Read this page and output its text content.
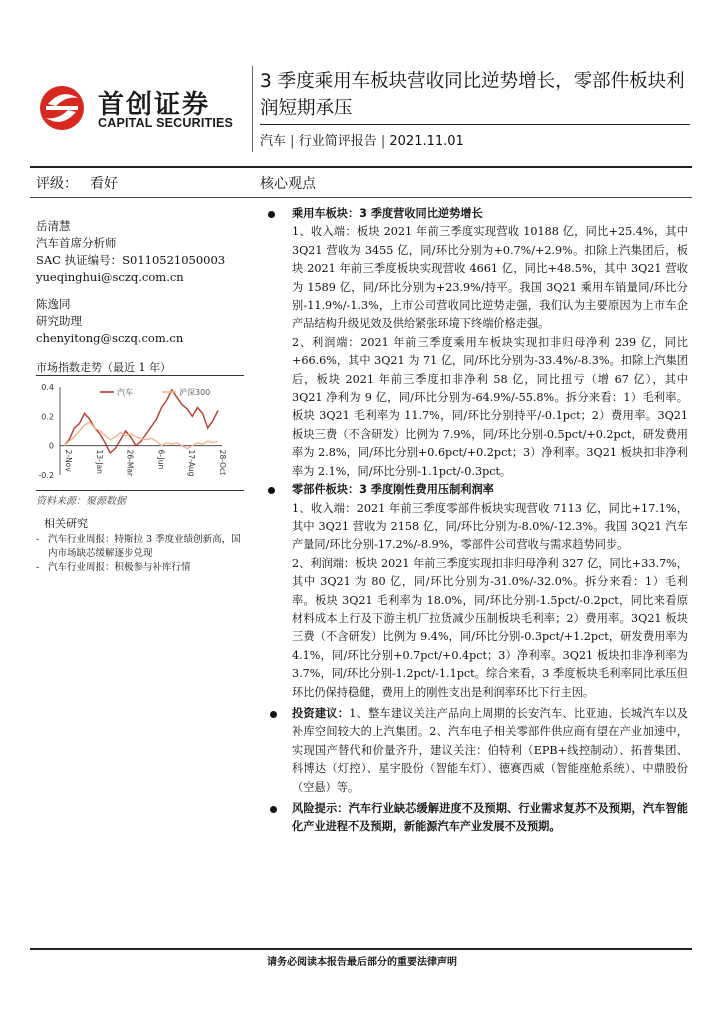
首创证券
CAPITAL SECURITIES
3 季度乘用车板块营收同比逆势增长，零部件板块利润短期承压
汽车 | 行业简评报告 | 2021.11.01
评级： 看好	核心观点
岳清慧
汽车首席分析师
SAC 执证编号：S0110521050003
yueqinghui@sczq.com.cn
陈逸同
研究助理
chenyitong@sczq.com.cn
市场指数走势（最近 1 年）
0.4
0.2
0
-0.2
汽车	沪深300
2-Nov	13-Jan	26-Mar	6-Jun	17-Aug	28-Oct
资料来源：聚源数据
相关研究
- 汽车行业周报：特斯拉 3 季度业绩创新高，国内市场缺芯缓解逐步兑现
- 汽车行业周报：积极参与补库行情
乘用车板块：3 季度营收同比逆势增长

1、收入端：板块 2021 年前三季度实现营收 10188 亿，同比+25.4%，其中 3Q21 营收为 3455 亿，同/环比分别为+0.7%/+2.9%。扣除上汽集团后，板块 2021 年前三季度板块实现营收 4661 亿，同比+48.5%，其中 3Q21 营收为 1589 亿，同/环比分别为+23.9%/持平。我国 3Q21 乘用车销量同/环比分别-11.9%/-1.3%，上市公司营收同比逆势走强，我们认为主要原因为上市车企产品结构升级见效及供给紧张环境下终端价格走强。

2、利润端：2021 年前三季度乘用车板块实现扣非归母净利 239 亿，同比+66.6%，其中 3Q21 为 71 亿，同/环比分别为-33.4%/-8.3%。扣除上汽集团后，板块 2021 年前三季度扣非净利 58 亿，同比扭亏（增 67 亿），其中 3Q21 净利为 9 亿，同/环比分别为-64.9%/-55.8%。拆分来看：1）毛利率。板块 3Q21 毛利率为 11.7%，同/环比分别持平/-0.1pct；2）费用率。3Q21 板块三费（不含研发）比例为 7.9%，同/环比分别-0.5pct/+0.2pct，研发费用率为 2.8%，同/环比分别+0.6pct/+0.2pct；3）净利率。3Q21 板块扣非净利率为 2.1%，同/环比分别-1.1pct/-0.3pct。

零部件板块：3 季度刚性费用压制利润率

1、收入端：2021 年前三季度零部件板块实现营收 7113 亿，同比+17.1%，其中 3Q21 营收为 2158 亿，同/环比分别为-8.0%/-12.3%。我国 3Q21 汽车产量同/环比分别-17.2%/-8.9%，零部件公司营收与需求趋势同步。

2、利润端：板块 2021 年前三季度实现扣非归母净利 327 亿，同比+33.7%，其中 3Q21 为 80 亿，同/环比分别为-31.0%/-32.0%。拆分来看：1）毛利率。板块 3Q21 毛利率为 18.0%，同/环比分别-1.5pct/-0.2pct，同比来看原材料成本上行及下游主机厂拉货减少压制板块毛利率；2）费用率。3Q21 板块三费（不含研发）比例为 9.4%，同/环比分别-0.3pct/+1.2pct，研发费用率为 4.1%，同/环比分别+0.7pct/+0.4pct；3）净利率。3Q21 板块扣非净利率为 3.7%，同/环比分别-1.2pct/-1.1pct。综合来看，3 季度板块毛利率同比承压但环比仍保持稳健，费用上的刚性支出是利润率环比下行主因。

投资建议：1、整车建议关注产品向上周期的长安汽车、比亚迪、长城汽车以及补库空间较大的上汽集团。2、汽车电子相关零部件供应商有望在产业加速中，实现国产替代和价量齐升，建议关注：伯特利（EPB+线控制动）、拓普集团、科博达（灯控）、星宇股份（智能车灯）、德赛西威（智能座舱系统）、中鼎股份（空悬）等。

风险提示：汽车行业缺芯缓解进度不及预期、行业需求复苏不及预期，汽车智能化产业进程不及预期，新能源汽车产业发展不及预期。

请务必阅读本报告最后部分的重要法律声明
